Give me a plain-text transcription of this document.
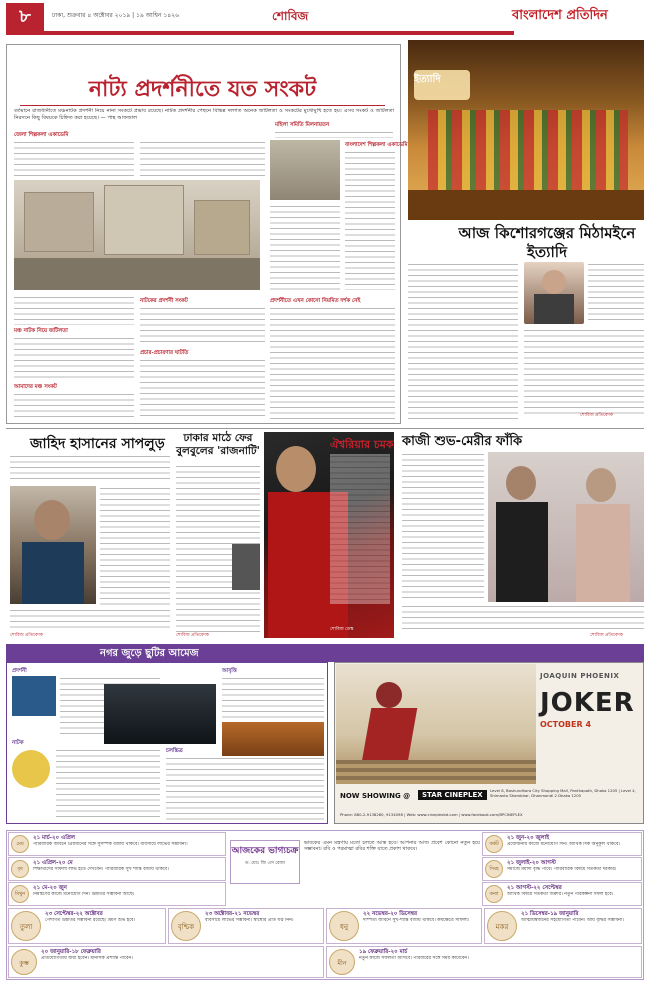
৮	ঢাকা, শুক্রবার ৪ অক্টোবর ২০১৯ | ১৯ আশ্বিন ১৪২৬	শোবিজ	বাংলাদেশ প্রতিদিন
নাট্য প্রদর্শনীতে যত সংকট
বর্তমানে রাজধানীতে মঞ্চনাটক প্রদর্শনী নিয়ে নানা সংকটে প্রভাব রয়েছে। নাটক প্রদর্শনীর পেছনে বিভিন্ন দলগত অনেক জটিলতা ও সংকটের মুখোমুখি হতে হয়। এসব সংকট ও জটিলতা নিরসনে কিছু বিষয়কে চিহ্নিত করা হয়েছে। — পান্থ আফজাল
জেলা শিল্পকলা একাডেমি
মহিলা সমিতি মিলনায়তন
বাংলাদেশ শিল্পকলা একাডেমি
মঞ্চ নাটক নিয়ে জটিলতা
আমাদের মঞ্চ সংকট
নাটকের প্রদর্শনী সংকট
প্রচার-প্রচারণার ঘাটতি
প্রদর্শনীতে এখন কোনো নিয়মিত দর্শক নেই
ইত্যাদি
আজ কিশোরগঞ্জের মিঠামইনে ইত্যাদি
শোবিজ প্রতিবেদক
জাহিদ হাসানের সাপলুড়
শোবিজ প্রতিবেদক
ঢাকার মাঠে ফের বুলবুলের 'রাজনাটি'
শোবিজ প্রতিবেদক
ঐশ্বরিয়ার চমক
শোবিজ ডেস্ক
কাজী শুভ-মেরীর ফাঁকি
শোবিজ প্রতিবেদক
নগর জুড়ে ছুটির আমেজ
প্রদর্শনী
নাটক
আবৃত্তি
চলচ্চিত্র
JOAQUIN PHOENIX
JOKER
OCTOBER 4
NOW SHOWING @	STAR CINEPLEX
Level 8, Bashundhara City Shopping Mall, Panthapath, Dhaka 1205 | Level 4, Shimanto Shambhar, Dhanmondi 2 Dhaka 1205
Phone: 880-2-9138260, 9134098 | Web: www.cineplexbd.com | www.facebook.com/BPCINEPLEX
আজকের ভাগ্যচক্র
ড. মোঃ জি এস রেজা
ভাবকের এমন মন্ত্রণায় মতো চলতে আস্ত হবে। আপনার আজ প্রবেশ কোনো নতুন হয়ে সম্ভাবনা। রবি ও পরমাত্মা রবির শক্তি যাতে প্রকাশ থাকবে।
মেষ
২১ মার্চ-২০ এপ্রিল
পারিবারিক জীবনে প্রিয়জনের সঙ্গে সুসম্পর্ক বজায় থাকবে। ব্যবসায়ে লাভের সম্ভাবনা।
বৃষ
২১ এপ্রিল-২০ মে
শিক্ষার্থীদের সাফল্য লাভ হতে দেখবেন। পারিবারিক সুখ শান্তি বজায় থাকবে।
মিথুন
২১ মে-২০ জুন
নিমন্ত্রণের কাজে মনোযোগ দিন। উন্নতির সম্ভাবনা আছে।
কর্কট
২১ জুন-২০ জুলাই
প্রয়োজনীয় কাজে মনোযোগ দিন। আর্থিক দিক অনুকূল থাকবে।
সিংহ
২১ জুলাই-২০ আগস্ট
সমাজে মর্যাদা বৃদ্ধি পাবে। পারিবারিক বিষয়ে সতর্কতা দরকার।
কন্যা
২১ আগস্ট-২২ সেপ্টেম্বর
আর্থিক বিষয়ে সতর্কতা জরুরি। নতুন পরিকল্পনা সফল হবে।
তুলা
২৩ সেপ্টেম্বর-২২ অক্টোবর
পেশাগত উন্নতির সম্ভাবনা রয়েছে। ভ্রমণ শুভ হবে।
বৃশ্চিক
২৩ অক্টোবর-২১ নভেম্বর
ব্যবসায়ে লাভের সম্ভাবনা। স্বাস্থ্যের প্রতি যত্ন নিন।
ধনু
২২ নভেম্বর-২০ ডিসেম্বর
দাম্পত্য জীবনে সুখ-শান্তি বজায় থাকবে। কর্মক্ষেত্রে সাফল্য।
মকর
২১ ডিসেম্বর-১৯ জানুয়ারি
আত্মীয়স্বজনের সহযোগিতা পাবেন। আয় বৃদ্ধির সম্ভাবনা।
কুম্ভ
২০ জানুয়ারি-১৮ ফেব্রুয়ারি
প্রতিযোগিতায় জয়ী হবেন। মানসিক প্রশান্তি পাবেন।
মীন
১৯ ফেব্রুয়ারি-২০ মার্চ
নতুন কাজে সফলতা আসবে। পরিবারের সঙ্গে সময় কাটাবেন।
